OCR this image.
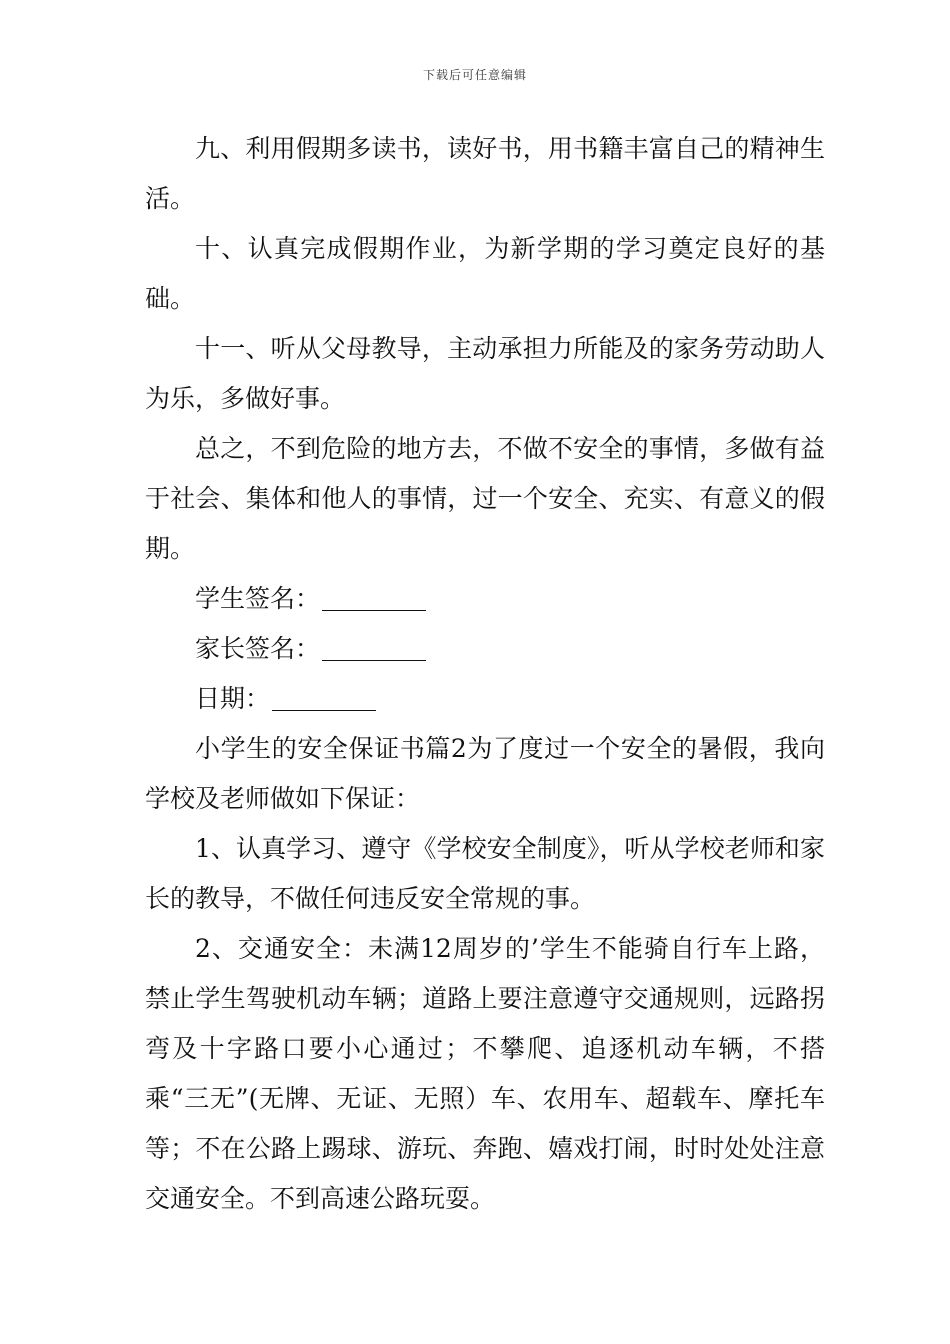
下载后可任意编辑

九、利用假期多读书，读好书，用书籍丰富自己的精神生活。

十、认真完成假期作业，为新学期的学习奠定良好的基础。

十一、听从父母教导，主动承担力所能及的家务劳动助人为乐，多做好事。

总之，不到危险的地方去，不做不安全的事情，多做有益于社会、集体和他人的事情，过一个安全、充实、有意义的假期。

学生签名：

家长签名：

日期：

小学生的安全保证书篇2为了度过一个安全的暑假，我向学校及老师做如下保证：

1、认真学习、遵守《学校安全制度》，听从学校老师和家长的教导，不做任何违反安全常规的事。

2、交通安全：未满12周岁的’学生不能骑自行车上路，禁止学生驾驶机动车辆；道路上要注意遵守交通规则，远路拐弯及十字路口要小心通过；不攀爬、追逐机动车辆，不搭乘“三无”(无牌、无证、无照）车、农用车、超载车、摩托车等；不在公路上踢球、游玩、奔跑、嬉戏打闹，时时处处注意交通安全。不到高速公路玩耍。
